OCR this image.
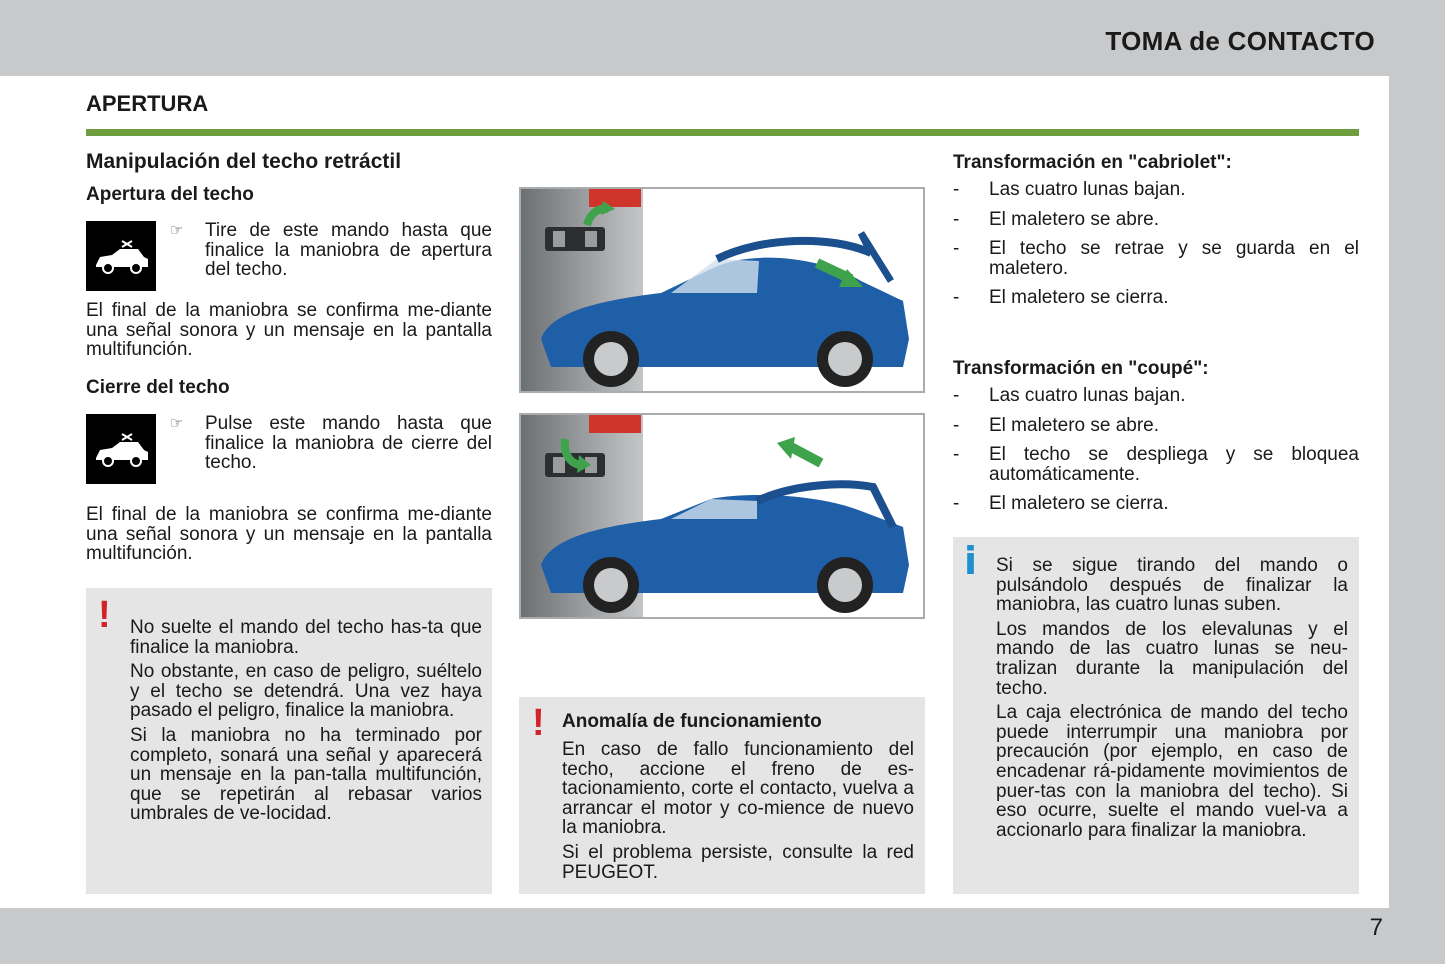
TOMA de CONTACTO
7
APERTURA
Manipulación del techo retráctil
Apertura del techo
☞ Tire de este mando hasta que finalice la maniobra de apertura del techo.
El final de la maniobra se confirma me-diante una señal sonora y un mensaje en la pantalla multifunción.
Cierre del techo
☞ Pulse este mando hasta que finalice la maniobra de cierre del techo.
El final de la maniobra se confirma me-diante una señal sonora y un mensaje en la pantalla multifunción.
! No suelte el mando del techo has-ta que finalice la maniobra.

No obstante, en caso de peligro, suéltelo y el techo se detendrá. Una vez haya pasado el peligro, finalice la maniobra.

Si la maniobra no ha terminado por completo, sonará una señal y aparecerá un mensaje en la pan-talla multifunción, que se repetirán al rebasar varios umbrales de ve-locidad.

! Anomalía de funcionamiento

En caso de fallo funcionamiento del techo, accione el freno de es-tacionamiento, corte el contacto, vuelva a arrancar el motor y co-mience de nuevo la maniobra.

Si el problema persiste, consulte la red PEUGEOT.

Transformación en "cabriolet":
- Las cuatro lunas bajan.
- El maletero se abre.
- El techo se retrae y se guarda en el maletero.
- El maletero se cierra.
Transformación en "coupé":
- Las cuatro lunas bajan.
- El maletero se abre.
- El techo se despliega y se bloquea automáticamente.
- El maletero se cierra.
i Si se sigue tirando del mando o pulsándolo después de finalizar la maniobra, las cuatro lunas suben.

Los mandos de los elevalunas y el mando de las cuatro lunas se neu-tralizan durante la manipulación del techo.

La caja electrónica de mando del techo puede interrumpir una maniobra por precaución (por ejemplo, en caso de encadenar rá-pidamente movimientos de puer-tas con la maniobra del techo). Si eso ocurre, suelte el mando vuel-va a accionarlo para finalizar la maniobra.
